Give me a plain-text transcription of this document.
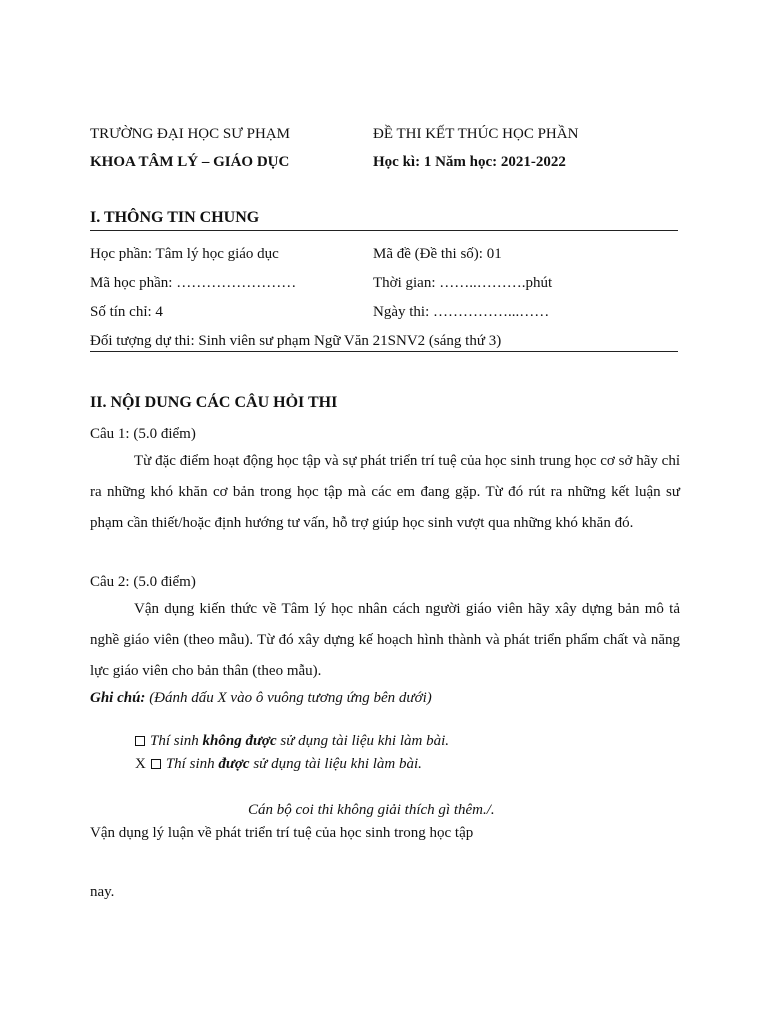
TRƯỜNG ĐẠI HỌC SƯ PHẠM
KHOA TÂM LÝ – GIÁO DỤC
ĐỀ THI KẾT THÚC HỌC PHẦN
Học kì: 1 Năm học: 2021-2022
I. THÔNG TIN CHUNG
Học phần: Tâm lý học giáo dục	Mã đề (Đề thi số): 01
Mã học phần: ……………………	Thời gian: ……..……….phút
Số tín chỉ: 4	Ngày thi: ……………...……
Đối tượng dự thi: Sinh viên sư phạm Ngữ Văn 21SNV2 (sáng thứ 3)
II. NỘI DUNG CÁC CÂU HỎI THI
Câu 1: (5.0 điểm)
Từ đặc điểm hoạt động học tập và sự phát triển trí tuệ của học sinh trung học cơ sở hãy chỉ ra những khó khăn cơ bản trong học tập mà các em đang gặp. Từ đó rút ra những kết luận sư phạm cần thiết/hoặc định hướng tư vấn, hỗ trợ giúp học sinh vượt qua những khó khăn đó.
Câu 2: (5.0 điểm)
Vận dụng kiến thức về Tâm lý học nhân cách người giáo viên hãy xây dựng bản mô tả nghề giáo viên (theo mẫu). Từ đó xây dựng kế hoạch hình thành và phát triển phẩm chất và năng lực giáo viên cho bản thân (theo mẫu).
Ghi chú: (Đánh dấu X vào ô vuông tương ứng bên dưới)
Thí sinh không được sử dụng tài liệu khi làm bài.
X Thí sinh được sử dụng tài liệu khi làm bài.
Cán bộ coi thi không giải thích gì thêm./.
Vận dụng lý luận về phát triển trí tuệ của học sinh trong học tập
nay.
